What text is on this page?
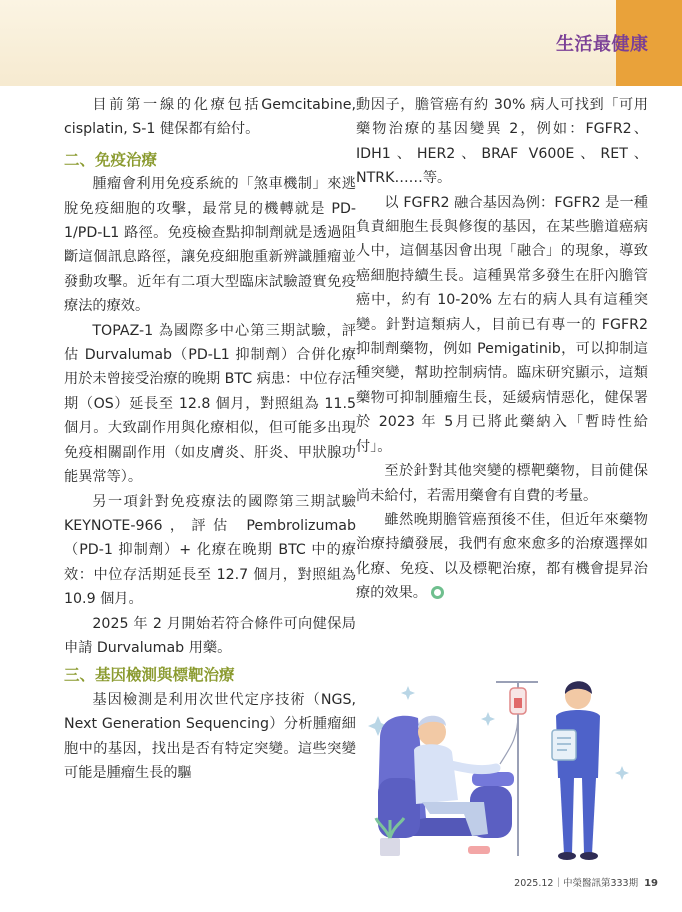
生活最健康

目前第一線的化療包括Gemcitabine, cisplatin, S-1 健保都有給付。

二、免疫治療

腫瘤會利用免疫系統的「煞車機制」來逃脫免疫細胞的攻擊，最常見的機轉就是 PD-1/PD-L1 路徑。免疫檢查點抑制劑就是透過阻斷這個訊息路徑，讓免疫細胞重新辨識腫瘤並發動攻擊。近年有二項大型臨床試驗證實免疫療法的療效。

TOPAZ-1 為國際多中心第三期試驗，評估 Durvalumab（PD-L1 抑制劑）合併化療用於未曾接受治療的晚期 BTC 病患：中位存活期（OS）延長至 12.8 個月，對照組為 11.5 個月。大致副作用與化療相似，但可能多出現免疫相關副作用（如皮膚炎、肝炎、甲狀腺功能異常等）。

另一項針對免疫療法的國際第三期試驗 KEYNOTE-966，評估 Pembrolizumab（PD-1 抑制劑）+ 化療在晚期 BTC 中的療效：中位存活期延長至 12.7 個月，對照組為 10.9 個月。

2025 年 2 月開始若符合條件可向健保局申請 Durvalumab 用藥。

三、基因檢測與標靶治療

基因檢測是利用次世代定序技術（NGS, Next Generation Sequencing）分析腫瘤細胞中的基因，找出是否有特定突變。這些突變可能是腫瘤生長的驅

動因子，膽管癌有約 30% 病人可找到「可用藥物治療的基因變異 2，例如：FGFR2、IDH1、HER2、BRAF V600E、RET、NTRK……等。

以 FGFR2 融合基因為例：FGFR2 是一種負責細胞生長與修復的基因，在某些膽道癌病人中，這個基因會出現「融合」的現象，導致癌細胞持續生長。這種異常多發生在肝內膽管癌中，約有 10-20% 左右的病人具有這種突變。針對這類病人，目前已有專一的 FGFR2 抑制劑藥物，例如 Pemigatinib，可以抑制這種突變，幫助控制病情。臨床研究顯示，這類藥物可抑制腫瘤生長，延緩病情惡化，健保署於 2023 年 5月已將此藥納入「暫時性給付」。

至於針對其他突變的標靶藥物，目前健保尚未給付，若需用藥會有自費的考量。

雖然晚期膽管癌預後不佳，但近年來藥物治療持續發展，我們有愈來愈多的治療選擇如化療、免疫、以及標靶治療，都有機會提昇治療的效果。

2025.12｜中榮醫訊第333期 19
